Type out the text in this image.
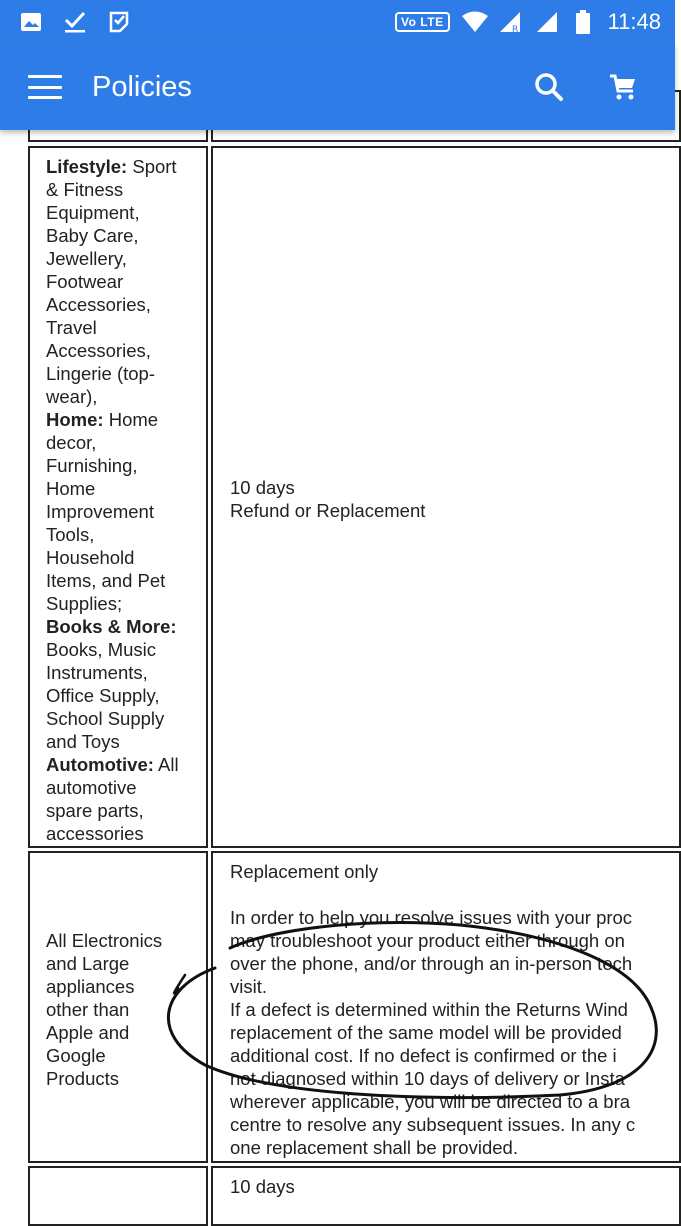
Vo LTE
R	11:48
Policies
Lifestyle: Sport
& Fitness
Equipment,
Baby Care,
Jewellery,
Footwear
Accessories,
Travel
Accessories,
Lingerie (top-
wear),
Home: Home
decor,
Furnishing,
Home
Improvement
Tools,
Household
Items, and Pet
Supplies;
Books & More:
Books, Music
Instruments,
Office Supply,
School Supply
and Toys
Automotive: All
automotive
spare parts,
accessories
10 days
Refund or Replacement
All Electronics
and Large
appliances
other than
Apple and
Google
Products
Replacement only
In order to help you resolve issues with your proc
may troubleshoot your product either through on
over the phone, and/or through an in-person tech
visit.
If a defect is determined within the Returns Wind
replacement of the same model will be provided
additional cost. If no defect is confirmed or the i
not diagnosed within 10 days of delivery or Insta
wherever applicable, you will be directed to a bra
centre to resolve any subsequent issues. In any c
one replacement shall be provided.
10 days
